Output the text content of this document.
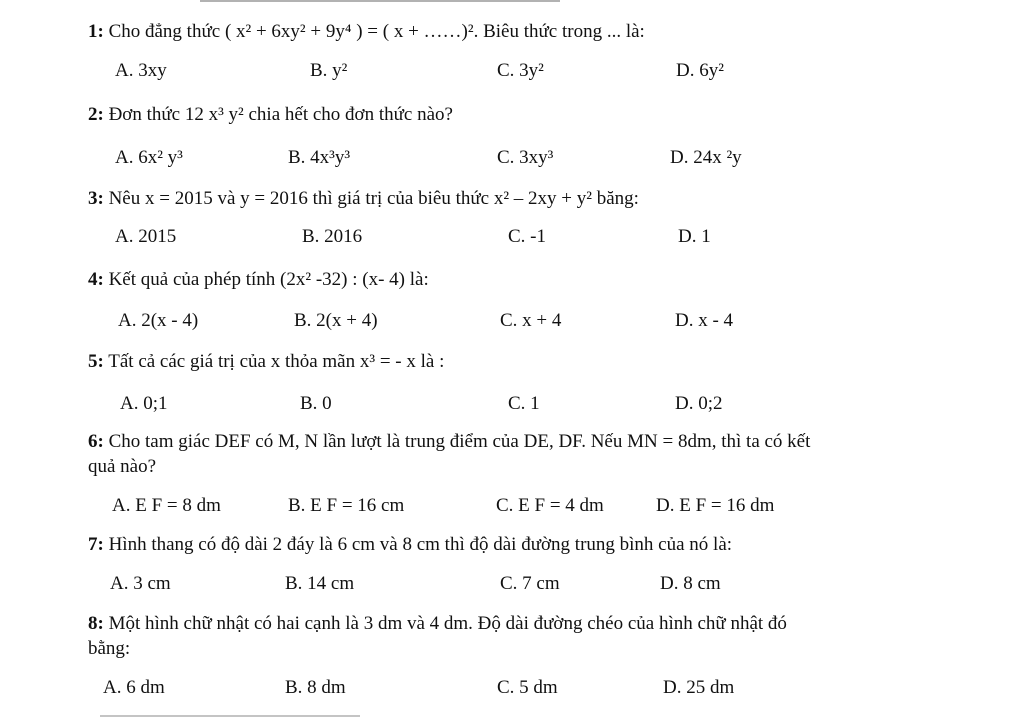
1: Cho đẳng thức ( x² + 6xy² + 9y⁴ ) = ( x + ……)². Biêu thức trong ... là:
A. 3xy	B. y²	C. 3y²	D. 6y²
2: Đơn thức 12 x³ y² chia hết cho đơn thức nào?
A. 6x² y³	B. 4x³y³	C. 3xy³	D. 24x ²y
3: Nêu x = 2015 và y = 2016 thì giá trị của biêu thức x² – 2xy + y² băng:
A. 2015	B. 2016	C. -1	D. 1
4: Kết quả của phép tính (2x² -32) : (x- 4) là:
A. 2(x - 4)	B. 2(x + 4)	C. x + 4	D. x - 4
5: Tất cả các giá trị của x thỏa mãn x³ = - x là :
A. 0;1	B. 0	C. 1	D. 0;2
6: Cho tam giác DEF có M, N lần lượt là trung điểm của DE, DF. Nếu MN = 8dm, thì ta có kết
quả nào?
A. E F = 8 dm	B. E F = 16 cm	C. E F = 4 dm	D. E F = 16 dm
7: Hình thang có độ dài 2 đáy là 6 cm và 8 cm thì độ dài đường trung bình của nó là:
A. 3 cm	B. 14 cm	C. 7 cm	D. 8 cm
8: Một hình chữ nhật có hai cạnh là 3 dm và 4 dm. Độ dài đường chéo của hình chữ nhật đó
bằng:
A. 6 dm	B. 8 dm	C. 5 dm	D. 25 dm
